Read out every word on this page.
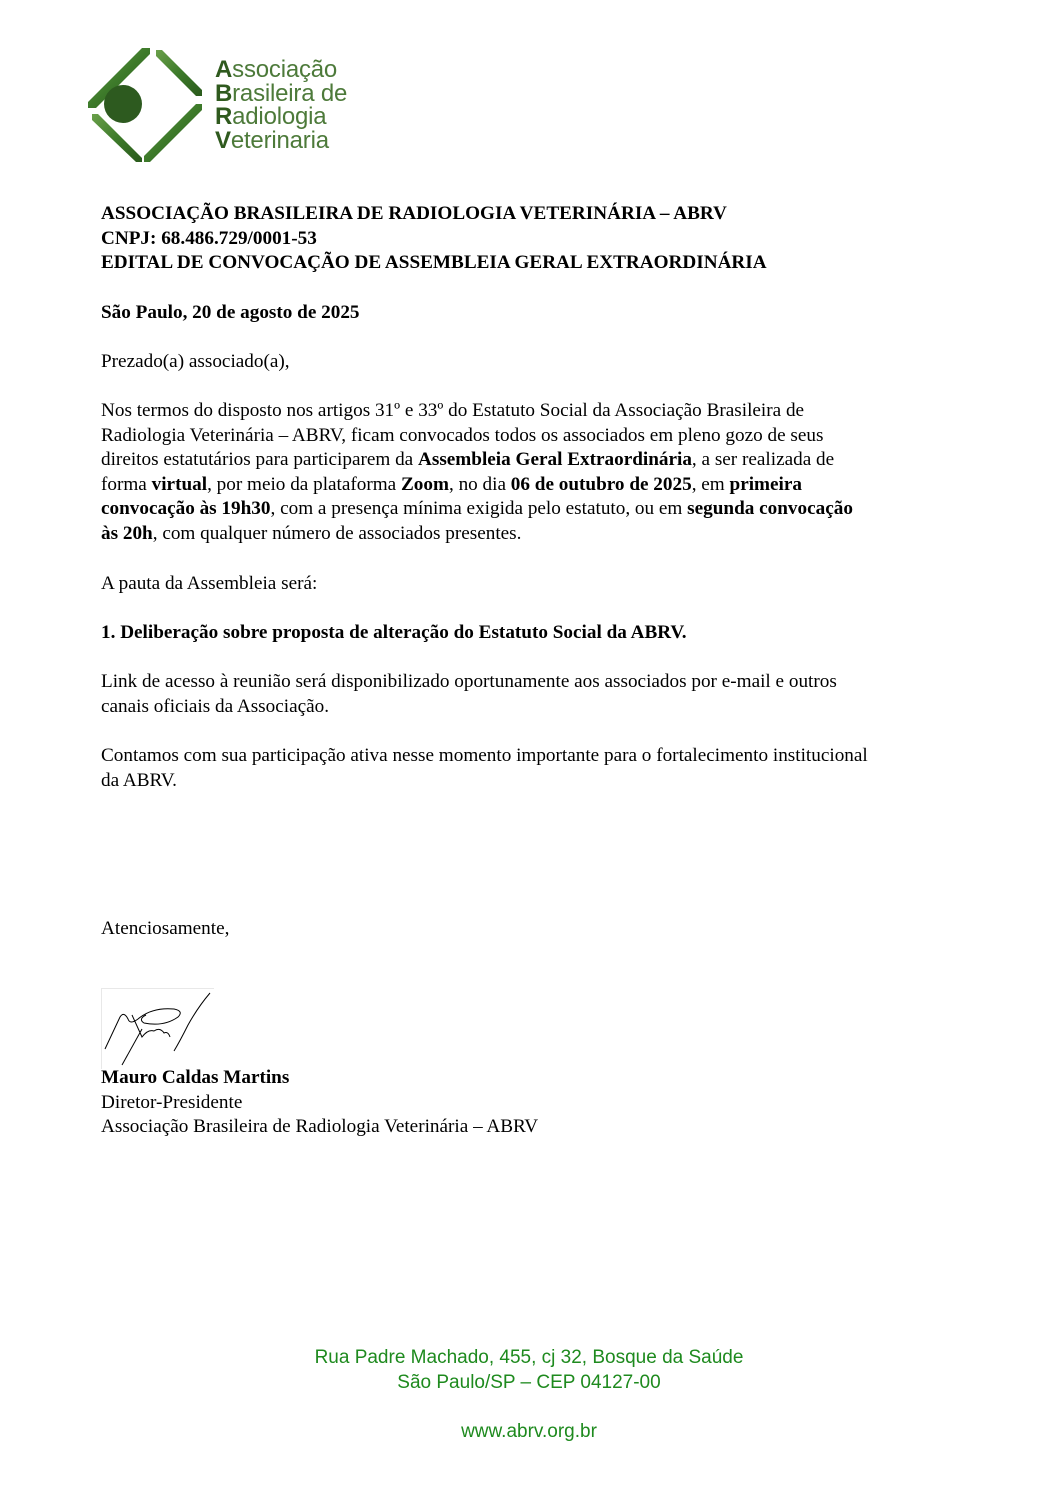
Associação
Brasileira de
Radiologia
Veterinaria
ASSOCIAÇÃO BRASILEIRA DE RADIOLOGIA VETERINÁRIA – ABRV
CNPJ: 68.486.729/0001-53
EDITAL DE CONVOCAÇÃO DE ASSEMBLEIA GERAL EXTRAORDINÁRIA
São Paulo, 20 de agosto de 2025
Prezado(a) associado(a),
Nos termos do disposto nos artigos 31º e 33º do Estatuto Social da Associação Brasileira de
Radiologia Veterinária – ABRV, ficam convocados todos os associados em pleno gozo de seus
direitos estatutários para participarem da Assembleia Geral Extraordinária, a ser realizada de
forma virtual, por meio da plataforma Zoom, no dia 06 de outubro de 2025, em primeira
convocação às 19h30, com a presença mínima exigida pelo estatuto, ou em segunda convocação
às 20h, com qualquer número de associados presentes.
A pauta da Assembleia será:
1. Deliberação sobre proposta de alteração do Estatuto Social da ABRV.
Link de acesso à reunião será disponibilizado oportunamente aos associados por e-mail e outros
canais oficiais da Associação.
Contamos com sua participação ativa nesse momento importante para o fortalecimento institucional
da ABRV.
Atenciosamente,
Mauro Caldas Martins
Diretor-Presidente
Associação Brasileira de Radiologia Veterinária – ABRV
Rua Padre Machado, 455, cj 32, Bosque da Saúde
São Paulo/SP – CEP 04127-00
www.abrv.org.br
